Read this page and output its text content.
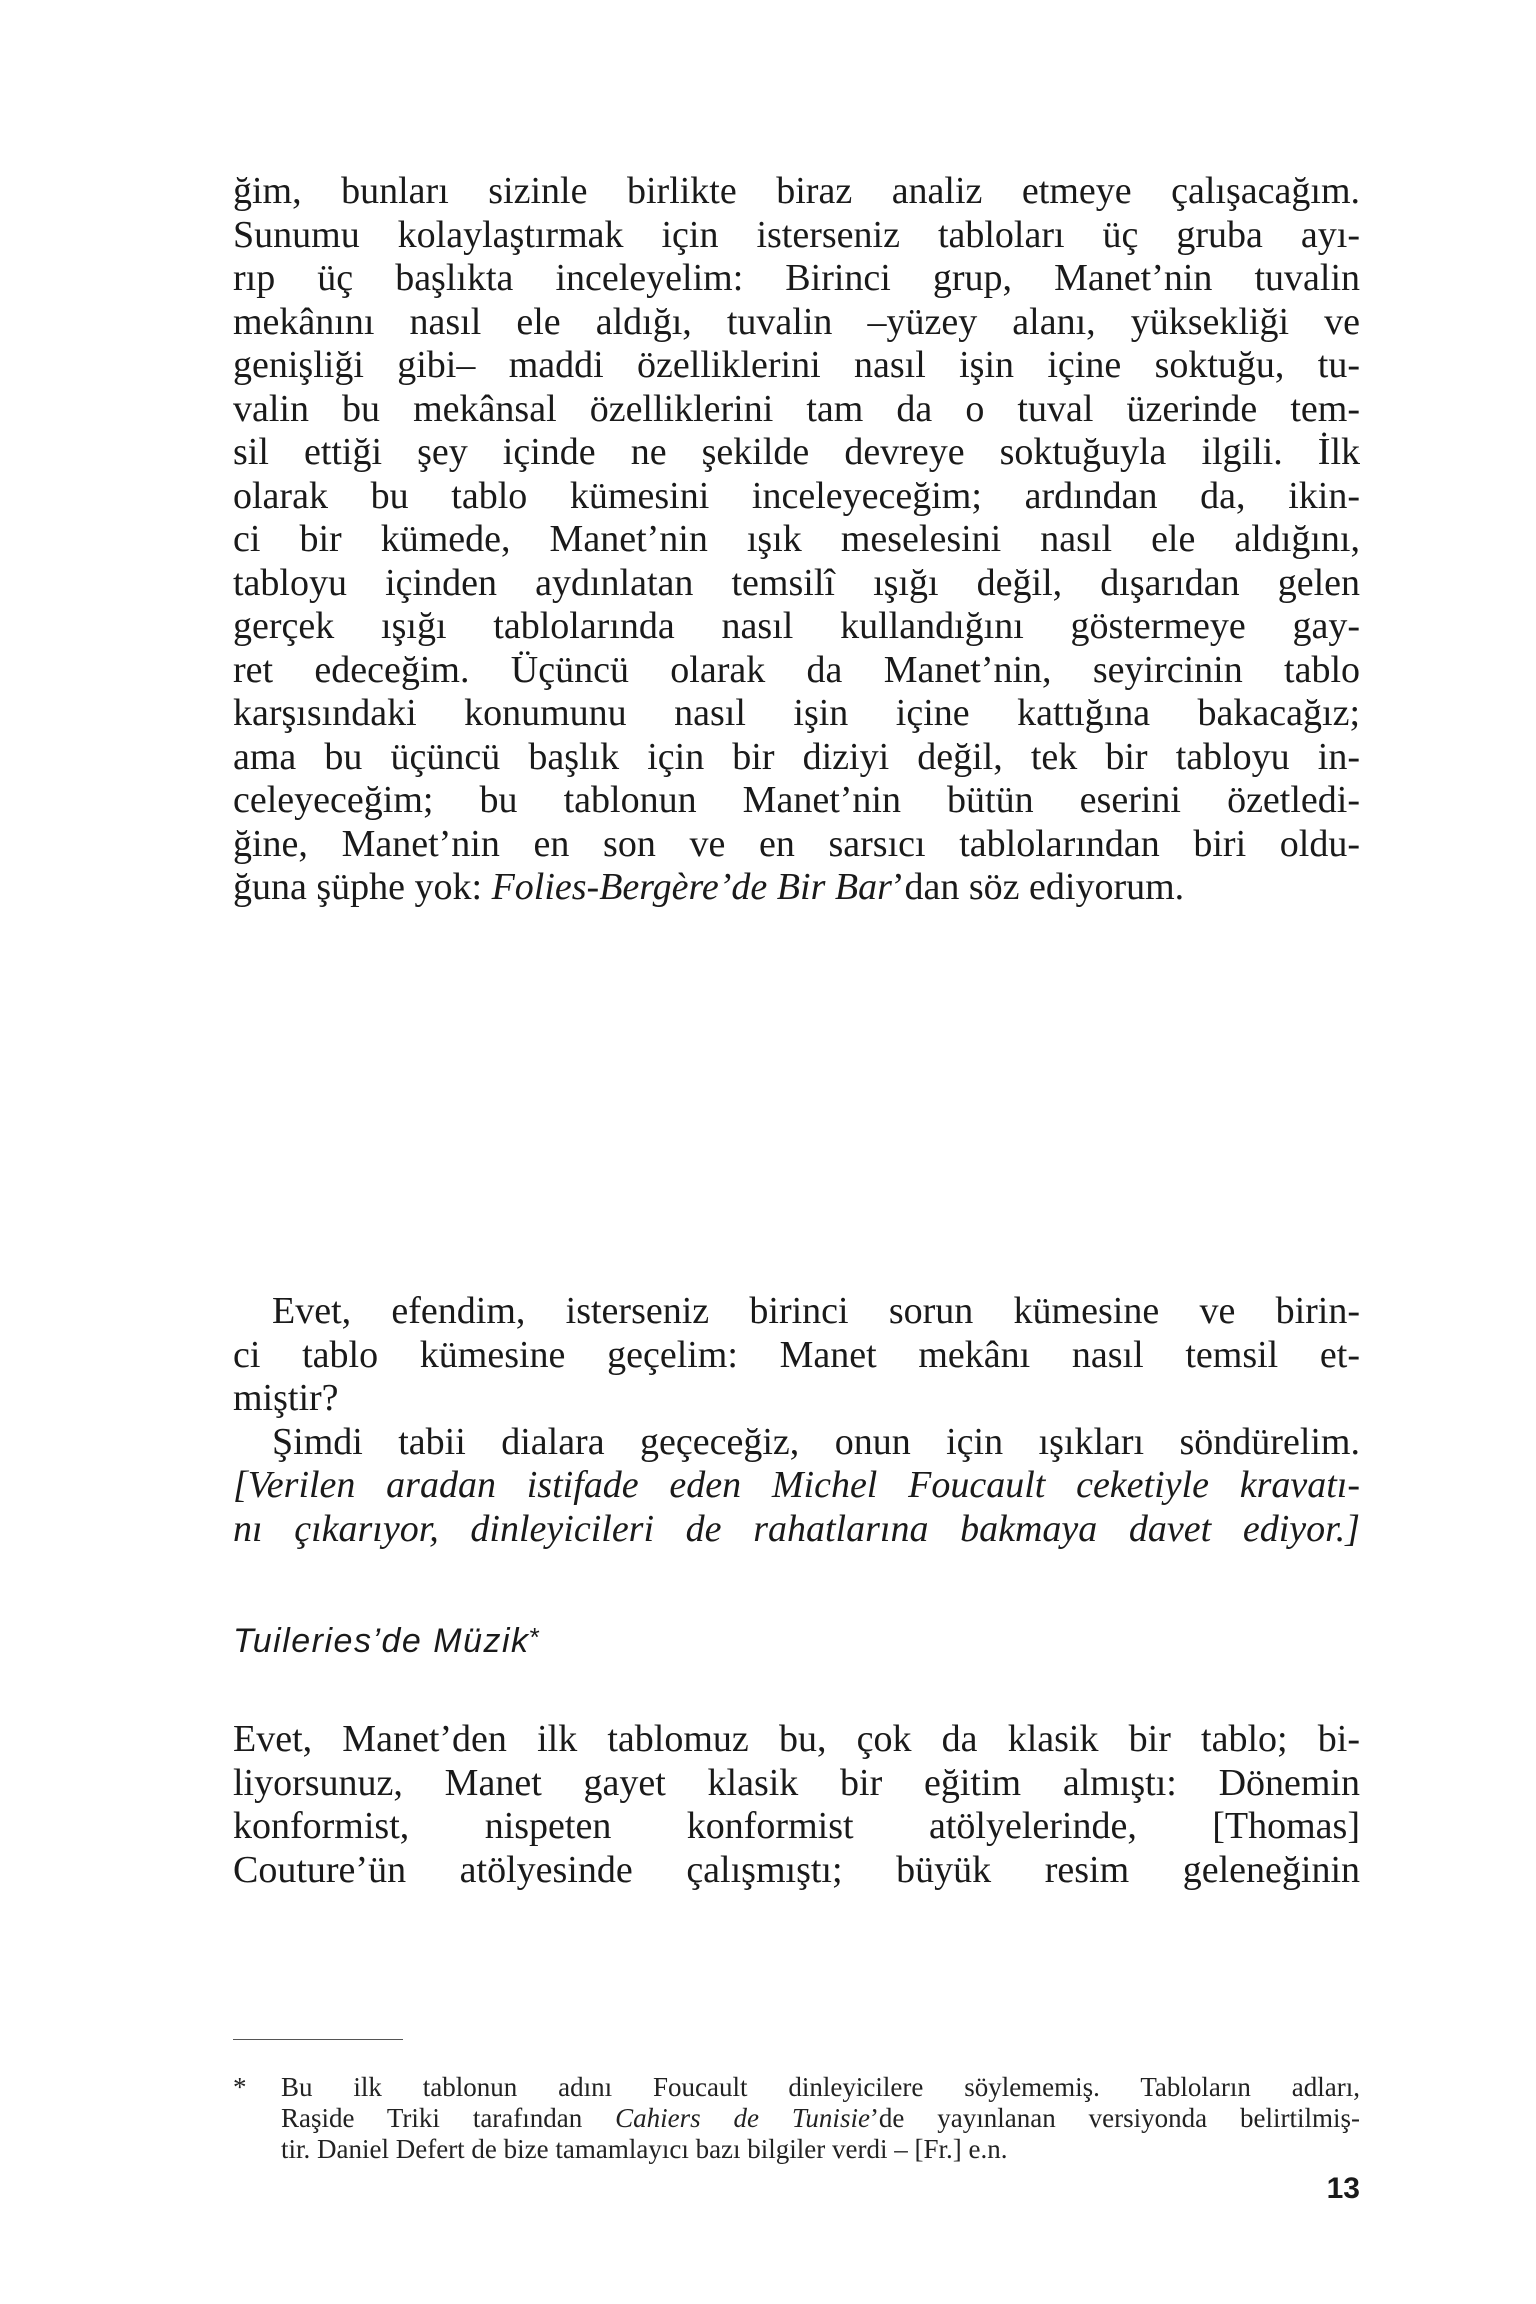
ğim, bunları sizinle birlikte biraz analiz etmeye çalışacağım.
Sunumu kolaylaştırmak için isterseniz tabloları üç gruba ayı-
rıp üç başlıkta inceleyelim: Birinci grup, Manet’nin tuvalin
mekânını nasıl ele aldığı, tuvalin –yüzey alanı, yüksekliği ve
genişliği gibi– maddi özelliklerini nasıl işin içine soktuğu, tu-
valin bu mekânsal özelliklerini tam da o tuval üzerinde tem-
sil ettiği şey içinde ne şekilde devreye soktuğuyla ilgili. İlk
olarak bu tablo kümesini inceleyeceğim; ardından da, ikin-
ci bir kümede, Manet’nin ışık meselesini nasıl ele aldığını,
tabloyu içinden aydınlatan temsilî ışığı değil, dışarıdan gelen
gerçek ışığı tablolarında nasıl kullandığını göstermeye gay-
ret edeceğim. Üçüncü olarak da Manet’nin, seyircinin tablo
karşısındaki konumunu nasıl işin içine kattığına bakacağız;
ama bu üçüncü başlık için bir diziyi değil, tek bir tabloyu in-
celeyeceğim; bu tablonun Manet’nin bütün eserini özetledi-
ğine, Manet’nin en son ve en sarsıcı tablolarından biri oldu-
ğuna şüphe yok: Folies-Bergère’de Bir Bar’dan söz ediyorum.
Evet, efendim, isterseniz birinci sorun kümesine ve birin-
ci tablo kümesine geçelim: Manet mekânı nasıl temsil et-
miştir?
Şimdi tabii dialara geçeceğiz, onun için ışıkları söndürelim.
[Verilen aradan istifade eden Michel Foucault ceketiyle kravatı-
nı çıkarıyor, dinleyicileri de rahatlarına bakmaya davet ediyor.]
Tuileries’de Müzik*
Evet, Manet’den ilk tablomuz bu, çok da klasik bir tablo; bi-
liyorsunuz, Manet gayet klasik bir eğitim almıştı: Dönemin
konformist, nispeten konformist atölyelerinde, [Thomas]
Couture’ün atölyesinde çalışmıştı; büyük resim geleneğinin
*	Bu ilk tablonun adını Foucault dinleyicilere söylememiş. Tabloların adları,
Raşide Triki tarafından Cahiers de Tunisie’de yayınlanan versiyonda belirtilmiş-
tir. Daniel Defert de bize tamamlayıcı bazı bilgiler verdi – [Fr.] e.n.
13
